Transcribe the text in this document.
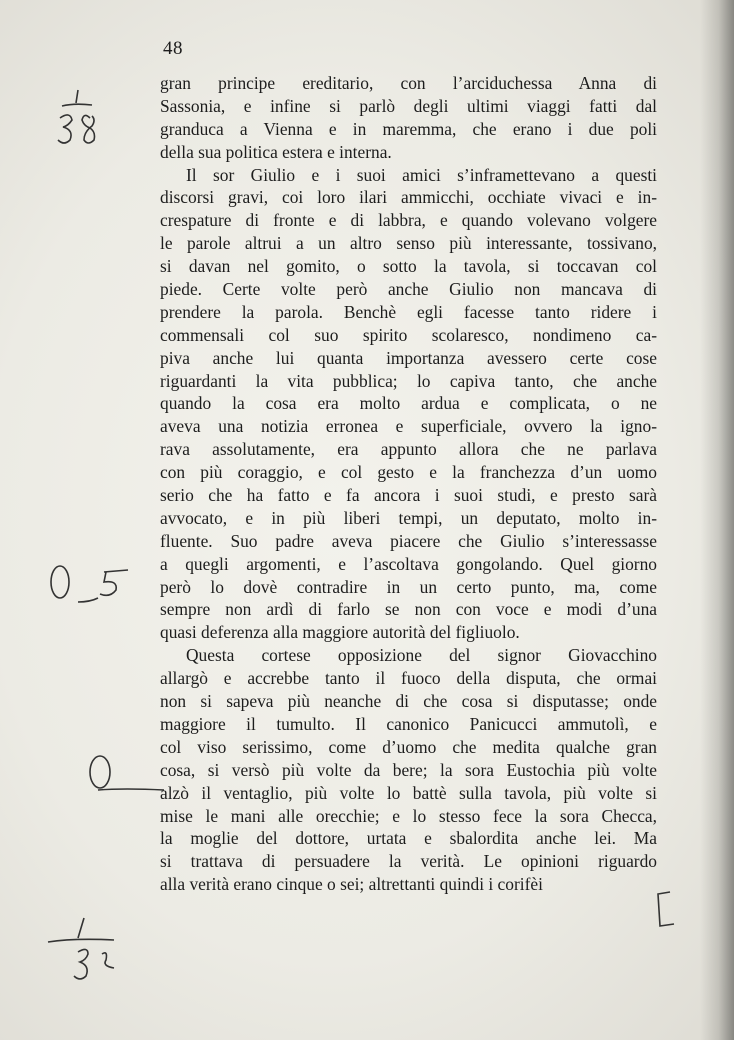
48
gran principe ereditario, con l’arciduchessa Anna di
Sassonia, e infine si parlò degli ultimi viaggi fatti dal
granduca a Vienna e in maremma, che erano i due poli
della sua politica estera e interna.
Il sor Giulio e i suoi amici s’inframettevano a questi
discorsi gravi, coi loro ilari ammicchi, occhiate vivaci e in-
crespature di fronte e di labbra, e quando volevano volgere
le parole altrui a un altro senso più interessante, tossivano,
si davan nel gomito, o sotto la tavola, si toccavan col
piede. Certe volte però anche Giulio non mancava di
prendere la parola. Benchè egli facesse tanto ridere i
commensali col suo spirito scolaresco, nondimeno ca-
piva anche lui quanta importanza avessero certe cose
riguardanti la vita pubblica; lo capiva tanto, che anche
quando la cosa era molto ardua e complicata, o ne
aveva una notizia erronea e superficiale, ovvero la igno-
rava assolutamente, era appunto allora che ne parlava
con più coraggio, e col gesto e la franchezza d’un uomo
serio che ha fatto e fa ancora i suoi studi, e presto sarà
avvocato, e in più liberi tempi, un deputato, molto in-
fluente. Suo padre aveva piacere che Giulio s’interessasse
a quegli argomenti, e l’ascoltava gongolando. Quel giorno
però lo dovè contradire in un certo punto, ma, come
sempre non ardì di farlo se non con voce e modi d’una
quasi deferenza alla maggiore autorità del figliuolo.
Questa cortese opposizione del signor Giovacchino
allargò e accrebbe tanto il fuoco della disputa, che ormai
non si sapeva più neanche di che cosa si disputasse; onde
maggiore il tumulto. Il canonico Panicucci ammutolì, e
col viso serissimo, come d’uomo che medita qualche gran
cosa, si versò più volte da bere; la sora Eustochia più volte
alzò il ventaglio, più volte lo battè sulla tavola, più volte si
mise le mani alle orecchie; e lo stesso fece la sora Checca,
la moglie del dottore, urtata e sbalordita anche lei. Ma
si trattava di persuadere la verità. Le opinioni riguardo
alla verità erano cinque o sei; altrettanti quindi i corifèi
